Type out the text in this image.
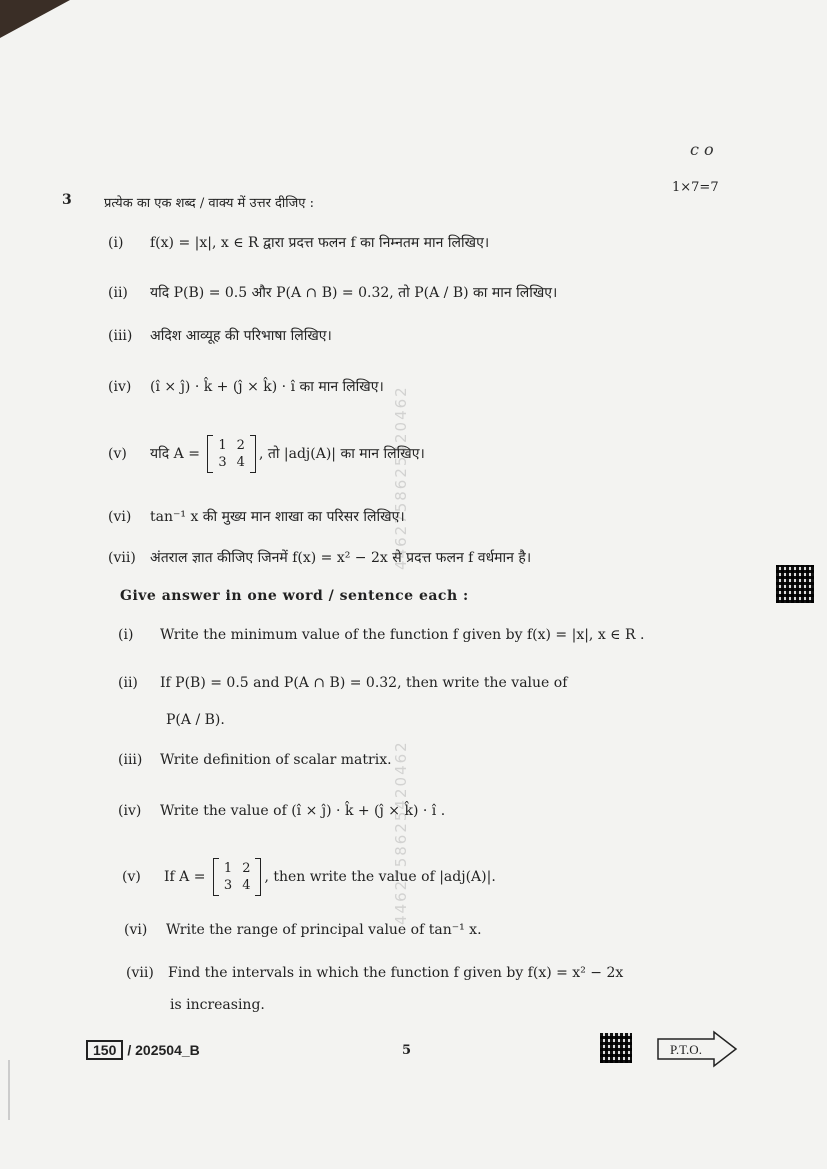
c o
3 प्रत्येक का एक शब्द / वाक्य में उत्तर दीजिए :
1×7=7
4462758625420462
4462758625420462
(i) f(x) = |x|, x ∈ R द्वारा प्रदत्त फलन f का निम्नतम मान लिखिए।
(ii) यदि P(B) = 0.5 और P(A ∩ B) = 0.32, तो P(A / B) का मान लिखिए।
(iii) अदिश आव्यूह की परिभाषा लिखिए।
(iv) (î × ĵ) · k̂ + (ĵ × k̂) · î का मान लिखिए।
(v) यदि A =
1	2
3	4
, तो |adj(A)| का मान लिखिए।
(vi) tan⁻¹ x की मुख्य मान शाखा का परिसर लिखिए।
(vii) अंतराल ज्ञात कीजिए जिनमें f(x) = x² − 2x से प्रदत्त फलन f वर्धमान है।
Give answer in one word / sentence each :
(i) Write the minimum value of the function f given by f(x) = |x|, x ∈ R .
(ii) If P(B) = 0.5 and P(A ∩ B) = 0.32, then write the value of
P(A / B).
(iii) Write definition of scalar matrix.
(iv) Write the value of (î × ĵ) · k̂ + (ĵ × k̂) · î .
(v) If A =
1	2
3	4
, then write the value of |adj(A)|.
(vi) Write the range of principal value of tan⁻¹ x.
(vii) Find the intervals in which the function f given by f(x) = x² − 2x
is increasing.
150 / 202504_B	5	P.T.O.
